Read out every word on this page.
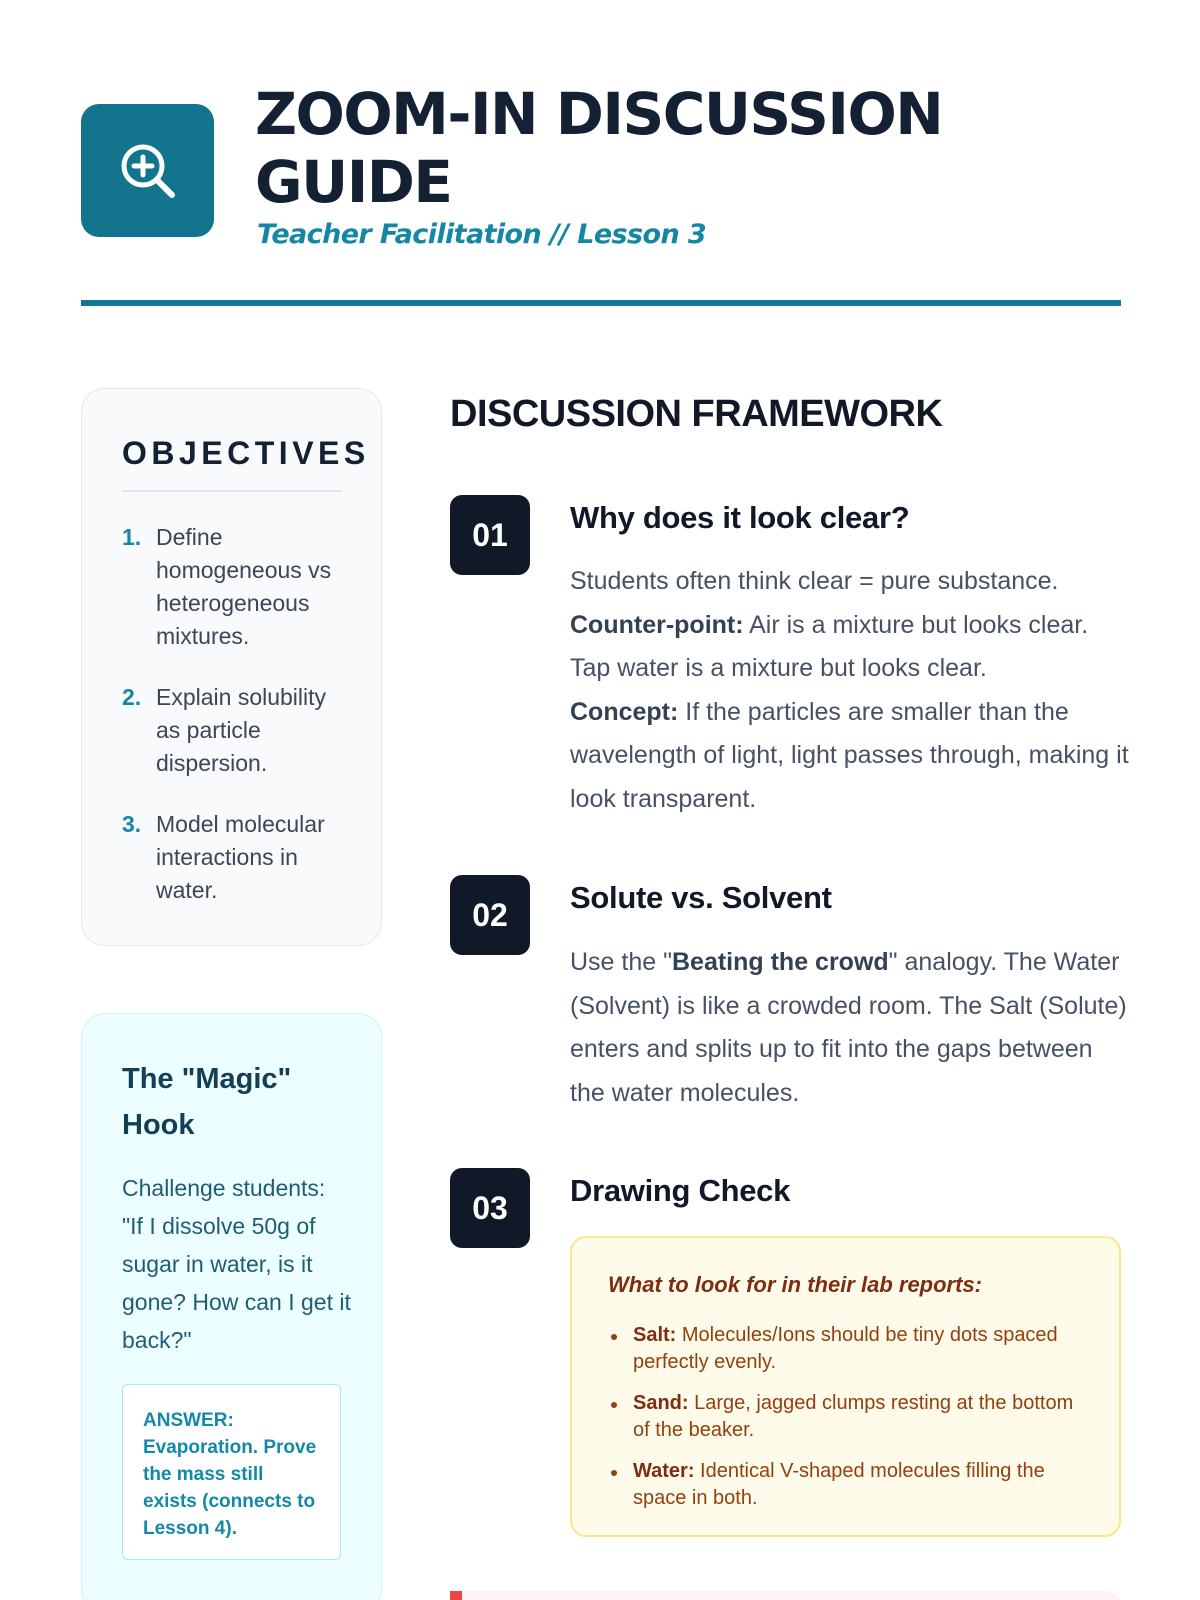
ZOOM-IN DISCUSSION GUIDE
Teacher Facilitation // Lesson 3
OBJECTIVES
1. Define homogeneous vs heterogeneous mixtures.
2. Explain solubility as particle dispersion.
3. Model molecular interactions in water.
The "Magic" Hook
Challenge students: "If I dissolve 50g of sugar in water, is it gone? How can I get it back?"
ANSWER: Evaporation. Prove the mass still exists (connects to Lesson 4).
DISCUSSION FRAMEWORK
01	Why does it look clear?
Students often think clear = pure substance.
Counter-point: Air is a mixture but looks clear. Tap water is a mixture but looks clear.
Concept: If the particles are smaller than the wavelength of light, light passes through, making it look transparent.
02	Solute vs. Solvent
Use the "Beating the crowd" analogy. The Water (Solvent) is like a crowded room. The Salt (Solute) enters and splits up to fit into the gaps between the water molecules.
03	Drawing Check
What to look for in their lab reports:
Salt: Molecules/Ions should be tiny dots spaced perfectly evenly.
Sand: Large, jagged clumps resting at the bottom of the beaker.
Water: Identical V-shaped molecules filling the space in both.
